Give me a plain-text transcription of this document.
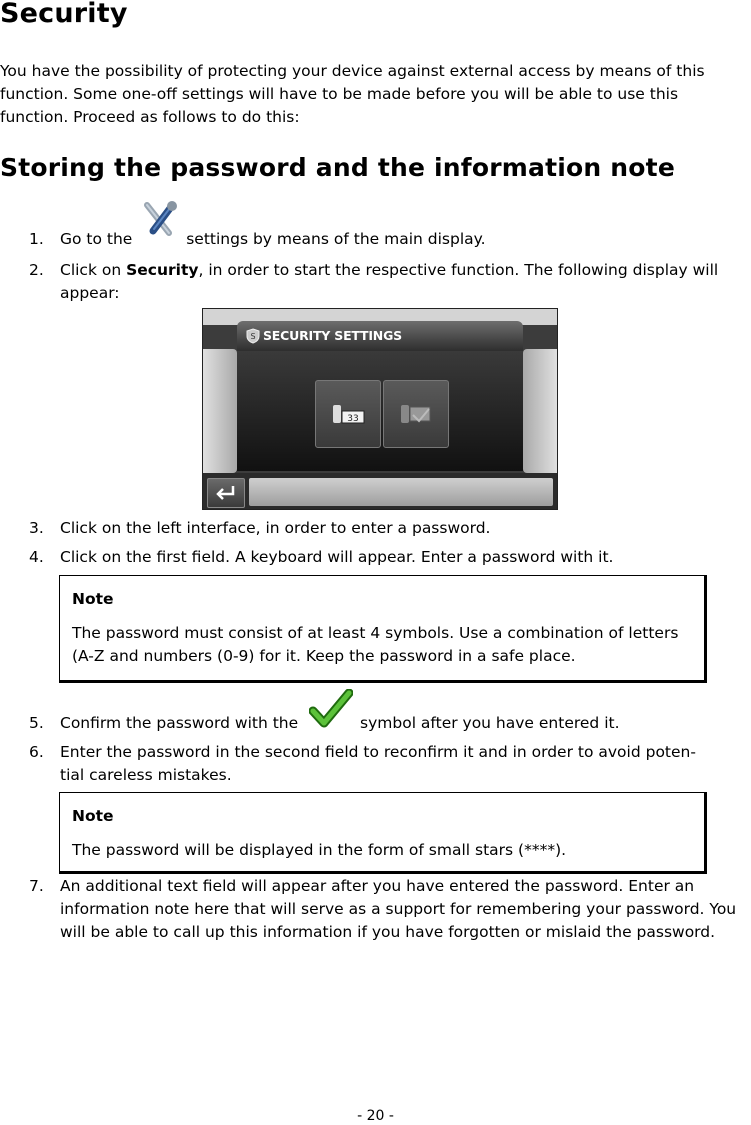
Security

You have the possibility of protecting your device against external access by means of this function. Some one-off settings will have to be made before you will be able to use this function. Proceed as follows to do this:

Storing the password and the information note
1.	Go to the	settings by means of the main display.
2.	Click on Security, in order to start the respective function. The following display will appear:
S SECURITY SETTINGS
33
3.	Click on the left interface, in order to enter a password.
4.	Click on the first field. A keyboard will appear. Enter a password with it.
Note
The password must consist of at least 4 symbols. Use a combination of letters (A-Z and numbers (0-9) for it. Keep the password in a safe place.
5.	Confirm the password with the	symbol after you have entered it.
6.	Enter the password in the second field to reconfirm it and in order to avoid poten-tial careless mistakes.
Note
The password will be displayed in the form of small stars (****).
7.	An additional text field will appear after you have entered the password. Enter an information note here that will serve as a support for remembering your password. You will be able to call up this information if you have forgotten or mislaid the password.
- 20 -
